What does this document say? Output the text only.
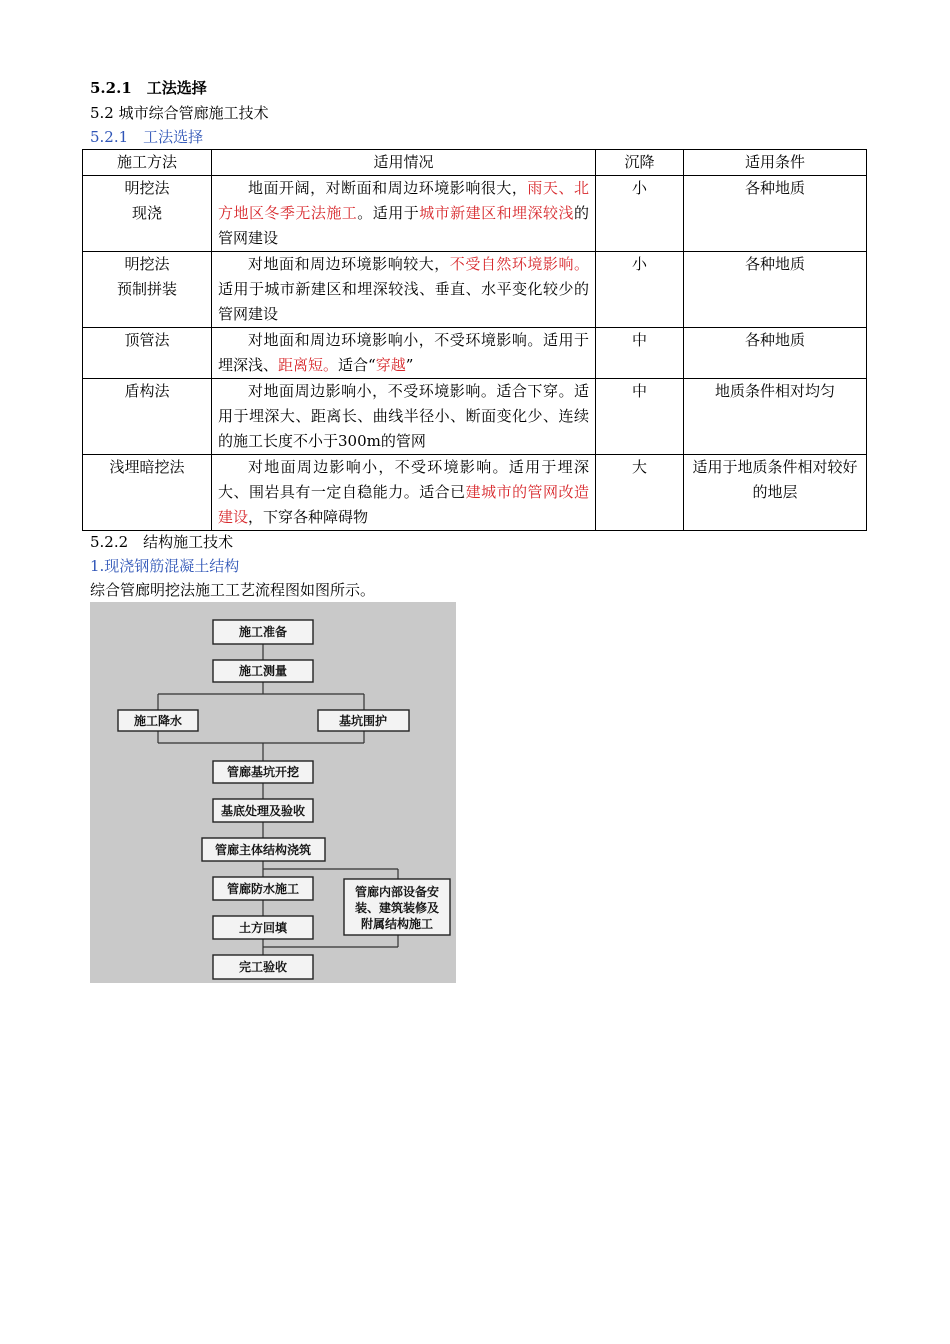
5.2.1　工法选择
5.2 城市综合管廊施工技术
5.2.1　工法选择
施工方法	适用情况	沉降	适用条件

明挖法
现浇	地面开阔，对断面和周边环境影响很大，雨天、北方地区冬季无法施工。适用于城市新建区和埋深较浅的管网建设	小	各种地质

明挖法
预制拼装	对地面和周边环境影响较大，不受自然环境影响。适用于城市新建区和埋深较浅、垂直、水平变化较少的管网建设	小	各种地质

顶管法	对地面和周边环境影响小，不受环境影响。适用于埋深浅、距离短。适合“穿越”	中	各种地质

盾构法	对地面周边影响小，不受环境影响。适合下穿。适用于埋深大、距离长、曲线半径小、断面变化少、连续的施工长度不小于300m的管网	中	地质条件相对均匀

浅埋暗挖法	对地面周边影响小，不受环境影响。适用于埋深大、围岩具有一定自稳能力。适合已建城市的管网改造建设，下穿各种障碍物	大	适用于地质条件相对较好的地层
5.2.2　结构施工技术
1.现浇钢筋混凝土结构
综合管廊明挖法施工工艺流程图如图所示。
施工准备
施工测量
施工降水	基坑围护
管廊基坑开挖
基底处理及验收
管廊主体结构浇筑
管廊防水施工	管廊内部设备安
装、建筑装修及
附属结构施工
土方回填
完工验收
